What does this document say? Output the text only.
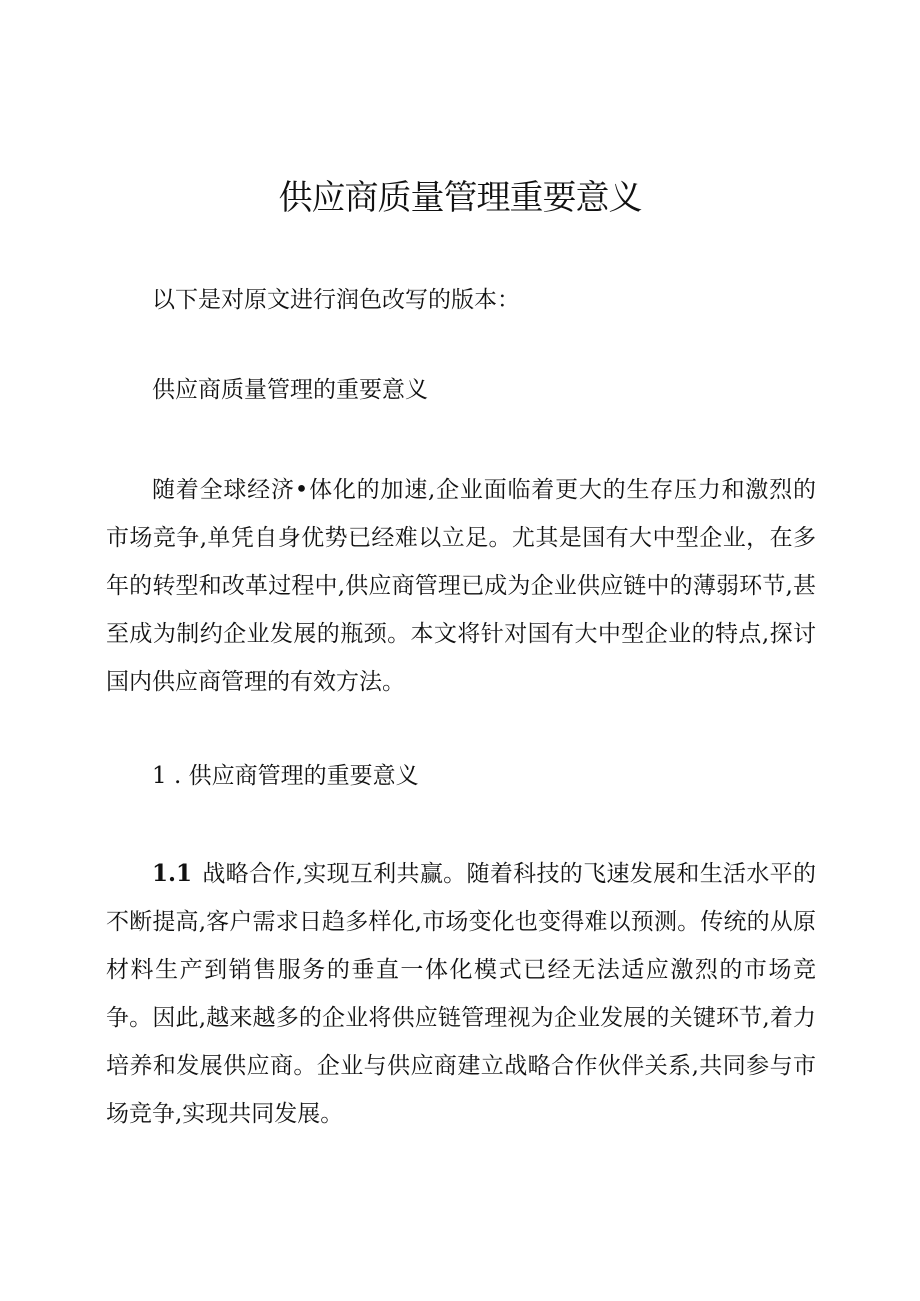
供应商质量管理重要意义

以下是对原文进行润色改写的版本：

供应商质量管理的重要意义

随着全球经济•体化的加速,企业面临着更大的生存压力和激烈的市场竞争,单凭自身优势已经难以立足。尤其是国有大中型企业，在多年的转型和改革过程中,供应商管理已成为企业供应链中的薄弱环节,甚至成为制约企业发展的瓶颈。本文将针对国有大中型企业的特点,探讨国内供应商管理的有效方法。

1 . 供应商管理的重要意义

1.1 战略合作,实现互利共赢。随着科技的飞速发展和生活水平的不断提高,客户需求日趋多样化,市场变化也变得难以预测。传统的从原材料生产到销售服务的垂直一体化模式已经无法适应激烈的市场竞争。因此,越来越多的企业将供应链管理视为企业发展的关键环节,着力培养和发展供应商。企业与供应商建立战略合作伙伴关系,共同参与市场竞争,实现共同发展。
